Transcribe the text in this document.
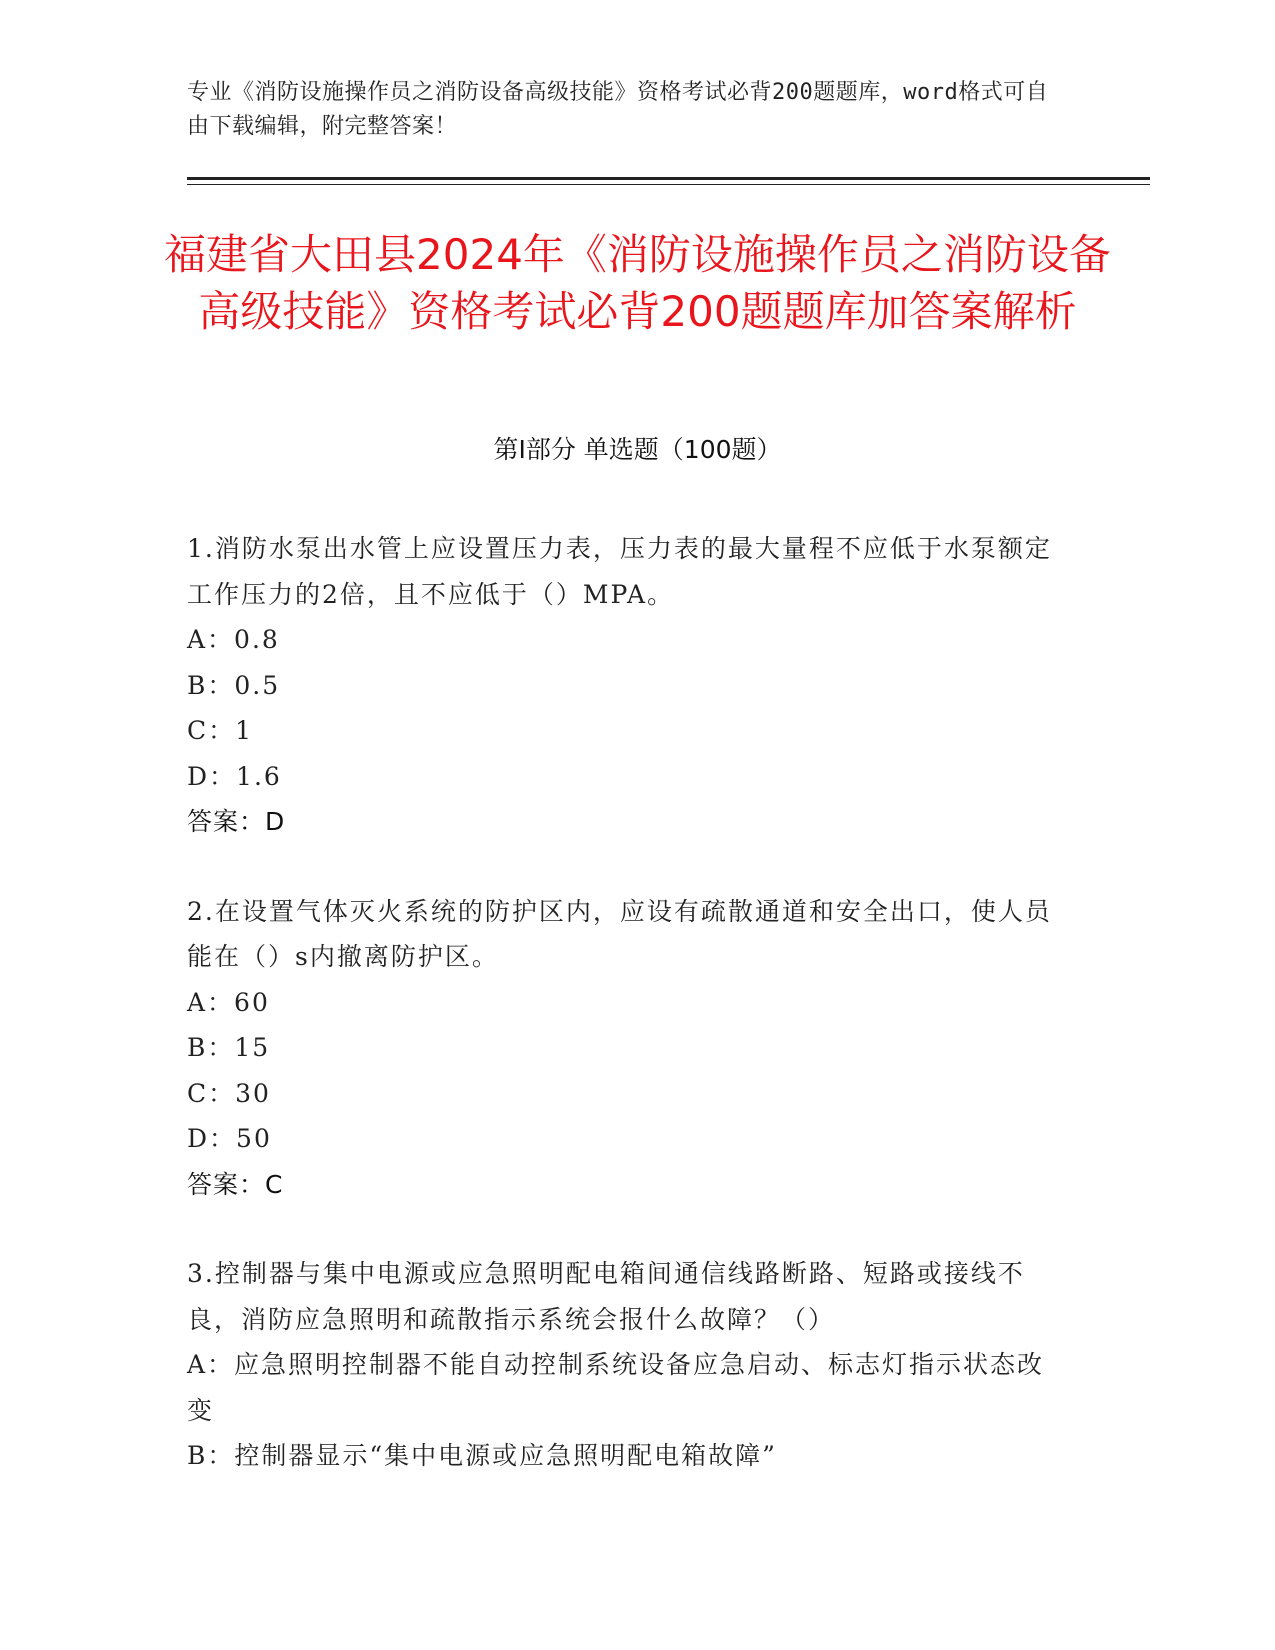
专业《消防设施操作员之消防设备高级技能》资格考试必背200题题库，word格式可自由下载编辑，附完整答案！
福建省大田县2024年《消防设施操作员之消防设备高级技能》资格考试必背200题题库加答案解析
第Ⅰ部分 单选题（100题）
1.消防水泵出水管上应设置压力表，压力表的最大量程不应低于水泵额定工作压力的2倍，且不应低于（）MPA。
A：0.8
B：0.5
C：1
D：1.6
答案：D
2.在设置气体灭火系统的防护区内，应设有疏散通道和安全出口，使人员能在（）s内撤离防护区。
A：60
B：15
C：30
D：50
答案：C
3.控制器与集中电源或应急照明配电箱间通信线路断路、短路或接线不良，消防应急照明和疏散指示系统会报什么故障？（）
A：应急照明控制器不能自动控制系统设备应急启动、标志灯指示状态改变
B：控制器显示“集中电源或应急照明配电箱故障”
